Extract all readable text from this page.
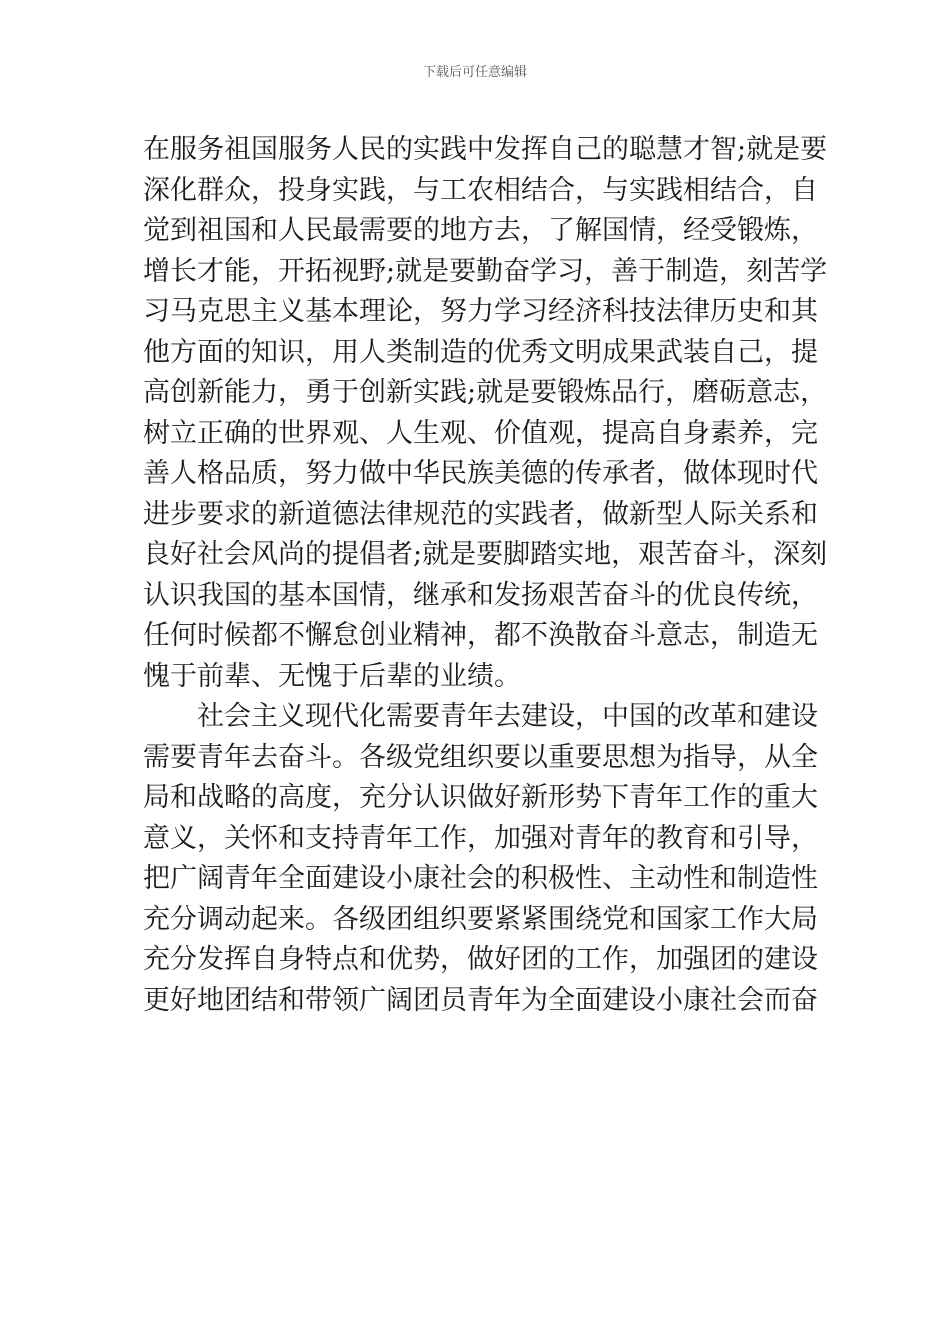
下载后可任意编辑
在服务祖国服务人民的实践中发挥自己的聪慧才智;就是要
深化群众，投身实践，与工农相结合，与实践相结合，自
觉到祖国和人民最需要的地方去，了解国情，经受锻炼，
增长才能，开拓视野;就是要勤奋学习，善于制造，刻苦学
习马克思主义基本理论，努力学习经济科技法律历史和其
他方面的知识，用人类制造的优秀文明成果武装自己，提
高创新能力，勇于创新实践;就是要锻炼品行，磨砺意志，
树立正确的世界观、人生观、价值观，提高自身素养，完
善人格品质，努力做中华民族美德的传承者，做体现时代
进步要求的新道德法律规范的实践者，做新型人际关系和
良好社会风尚的提倡者;就是要脚踏实地，艰苦奋斗，深刻
认识我国的基本国情，继承和发扬艰苦奋斗的优良传统，
任何时候都不懈怠创业精神，都不涣散奋斗意志，制造无
愧于前辈、无愧于后辈的业绩。
社会主义现代化需要青年去建设，中国的改革和建设
需要青年去奋斗。各级党组织要以重要思想为指导，从全
局和战略的高度，充分认识做好新形势下青年工作的重大
意义，关怀和支持青年工作，加强对青年的教育和引导，
把广阔青年全面建设小康社会的积极性、主动性和制造性
充分调动起来。各级团组织要紧紧围绕党和国家工作大局
充分发挥自身特点和优势，做好团的工作，加强团的建设
更好地团结和带领广阔团员青年为全面建设小康社会而奋
